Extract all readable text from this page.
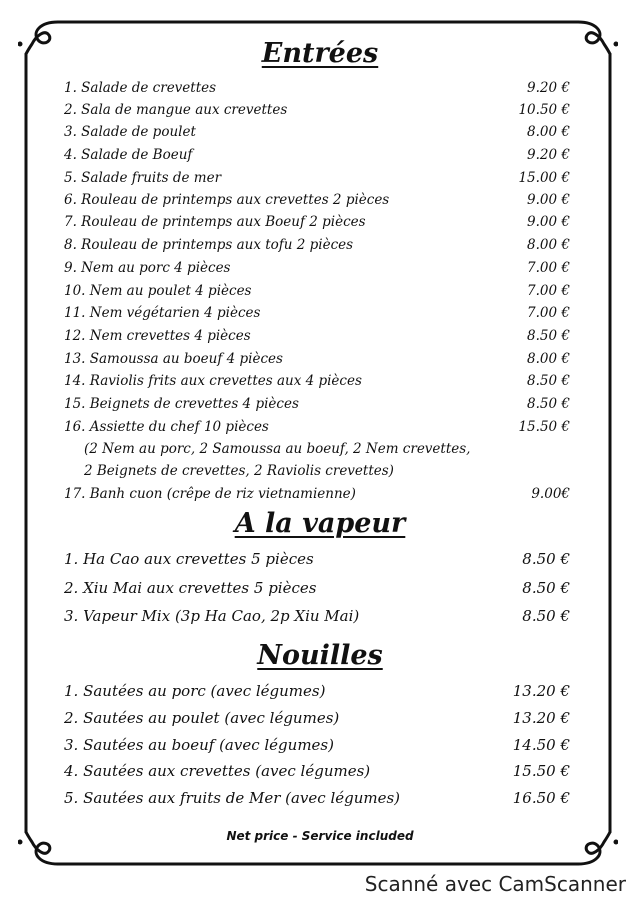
Entrées
1. Salade de crevettes	9.20 €
2. Sala de mangue aux crevettes	10.50 €
3. Salade de poulet	8.00 €
4. Salade de Boeuf	9.20 €
5. Salade fruits de mer	15.00 €
6. Rouleau de printemps aux crevettes 2 pièces	9.00 €
7. Rouleau de printemps aux Boeuf 2 pièces	9.00 €
8. Rouleau de printemps aux tofu 2 pièces	8.00 €
9. Nem au porc 4 pièces	7.00 €
10. Nem au poulet 4 pièces	7.00 €
11. Nem végétarien 4 pièces	7.00 €
12. Nem crevettes 4 pièces	8.50 €
13. Samoussa au boeuf 4 pièces	8.00 €
14. Raviolis frits aux crevettes aux 4 pièces	8.50 €
15. Beignets de crevettes 4 pièces	8.50 €
16. Assiette du chef 10 pièces	15.50 €
(2 Nem au porc, 2 Samoussa au boeuf, 2 Nem crevettes,
2 Beignets de crevettes, 2 Raviolis crevettes)
17. Banh cuon (crêpe de riz vietnamienne)	9.00€
A la vapeur
1. Ha Cao aux crevettes 5 pièces	8.50 €
2. Xiu Mai aux crevettes 5 pièces	8.50 €
3. Vapeur Mix (3p Ha Cao, 2p Xiu Mai)	8.50 €
Nouilles
1. Sautées au porc (avec légumes)	13.20 €
2. Sautées au poulet (avec légumes)	13.20 €
3. Sautées au boeuf (avec légumes)	14.50 €
4. Sautées aux crevettes (avec légumes)	15.50 €
5. Sautées aux fruits de Mer (avec légumes)	16.50 €
Net price - Service included
Scanné avec CamScanner
